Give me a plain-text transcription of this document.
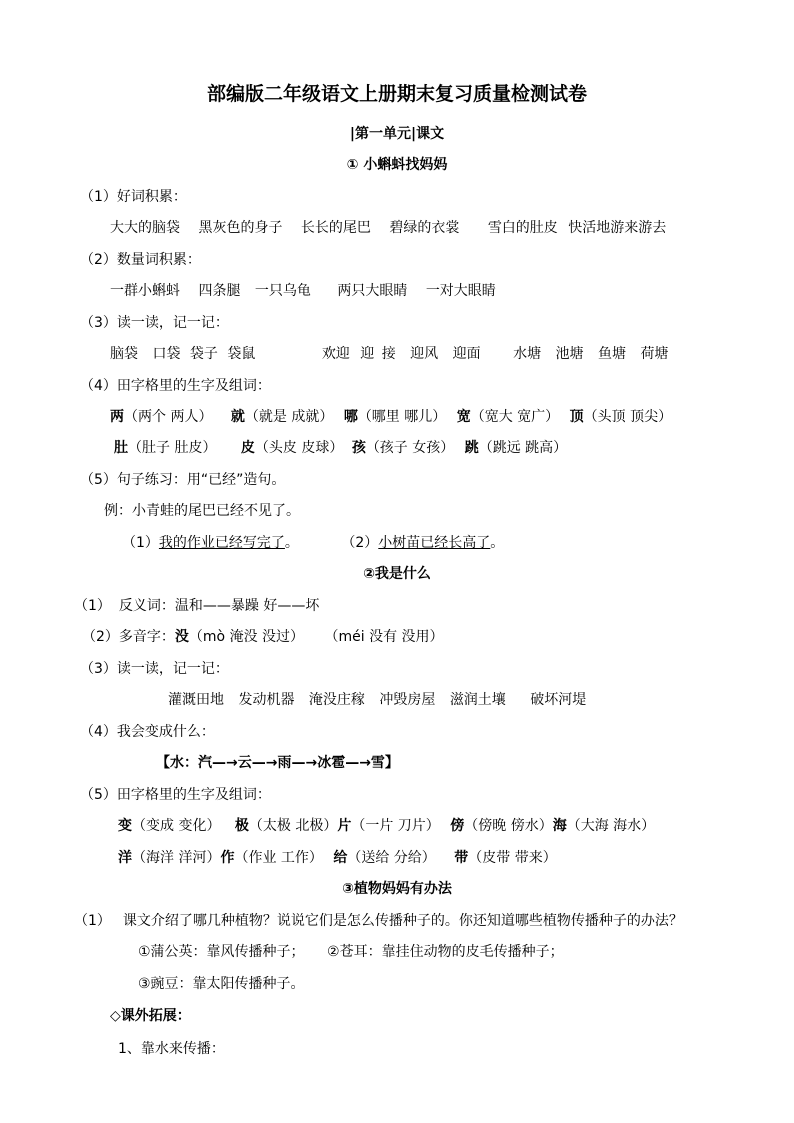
部编版二年级语文上册期末复习质量检测试卷
|第一单元|课文
① 小蝌蚪找妈妈
（1）好词积累：
大大的脑袋 黑灰色的身子 长长的尾巴 碧绿的衣裳 雪白的肚皮 快活地游来游去
（2）数量词积累：
一群小蝌蚪 四条腿 一只乌龟 两只大眼睛 一对大眼睛
（3）读一读，记一记：
脑袋 口袋 袋子 袋鼠	欢迎 迎 接 迎风 迎面 水塘 池塘 鱼塘 荷塘
（4）田字格里的生字及组词：
两（两个 两人） 就（就是 成就） 哪（哪里 哪儿） 宽（宽大 宽广） 顶（头顶 顶尖）
肚（肚子 肚皮） 皮（头皮 皮球） 孩（孩子 女孩） 跳（跳远 跳高）
（5）句子练习：用“已经”造句。
例：小青蛙的尾巴已经不见了。
（1）我的作业已经写完了。	（2）小树苗已经长高了。
②我是什么
（1） 反义词：温和——暴躁 好——坏
（2）多音字：没（mò 淹没 没过） （méi 没有 没用）
（3）读一读，记一记：
灌溉田地 发动机器 淹没庄稼 冲毁房屋 滋润土壤 破坏河堤
（4）我会变成什么：
【水：汽—→云—→雨—→冰雹—→雪】
（5）田字格里的生字及组词：
变（变成 变化） 极（太极 北极）片（一片 刀片） 傍（傍晚 傍水）海（大海 海水）
洋（海洋 洋河）作（作业 工作） 给（送给 分给） 带（皮带 带来）
③植物妈妈有办法
（1） 课文介绍了哪几种植物？说说它们是怎么传播种子的。你还知道哪些植物传播种子的办法？
①蒲公英：靠风传播种子； ②苍耳：靠挂住动物的皮毛传播种子；
③豌豆：靠太阳传播种子。
◇课外拓展：
1、靠水来传播：
